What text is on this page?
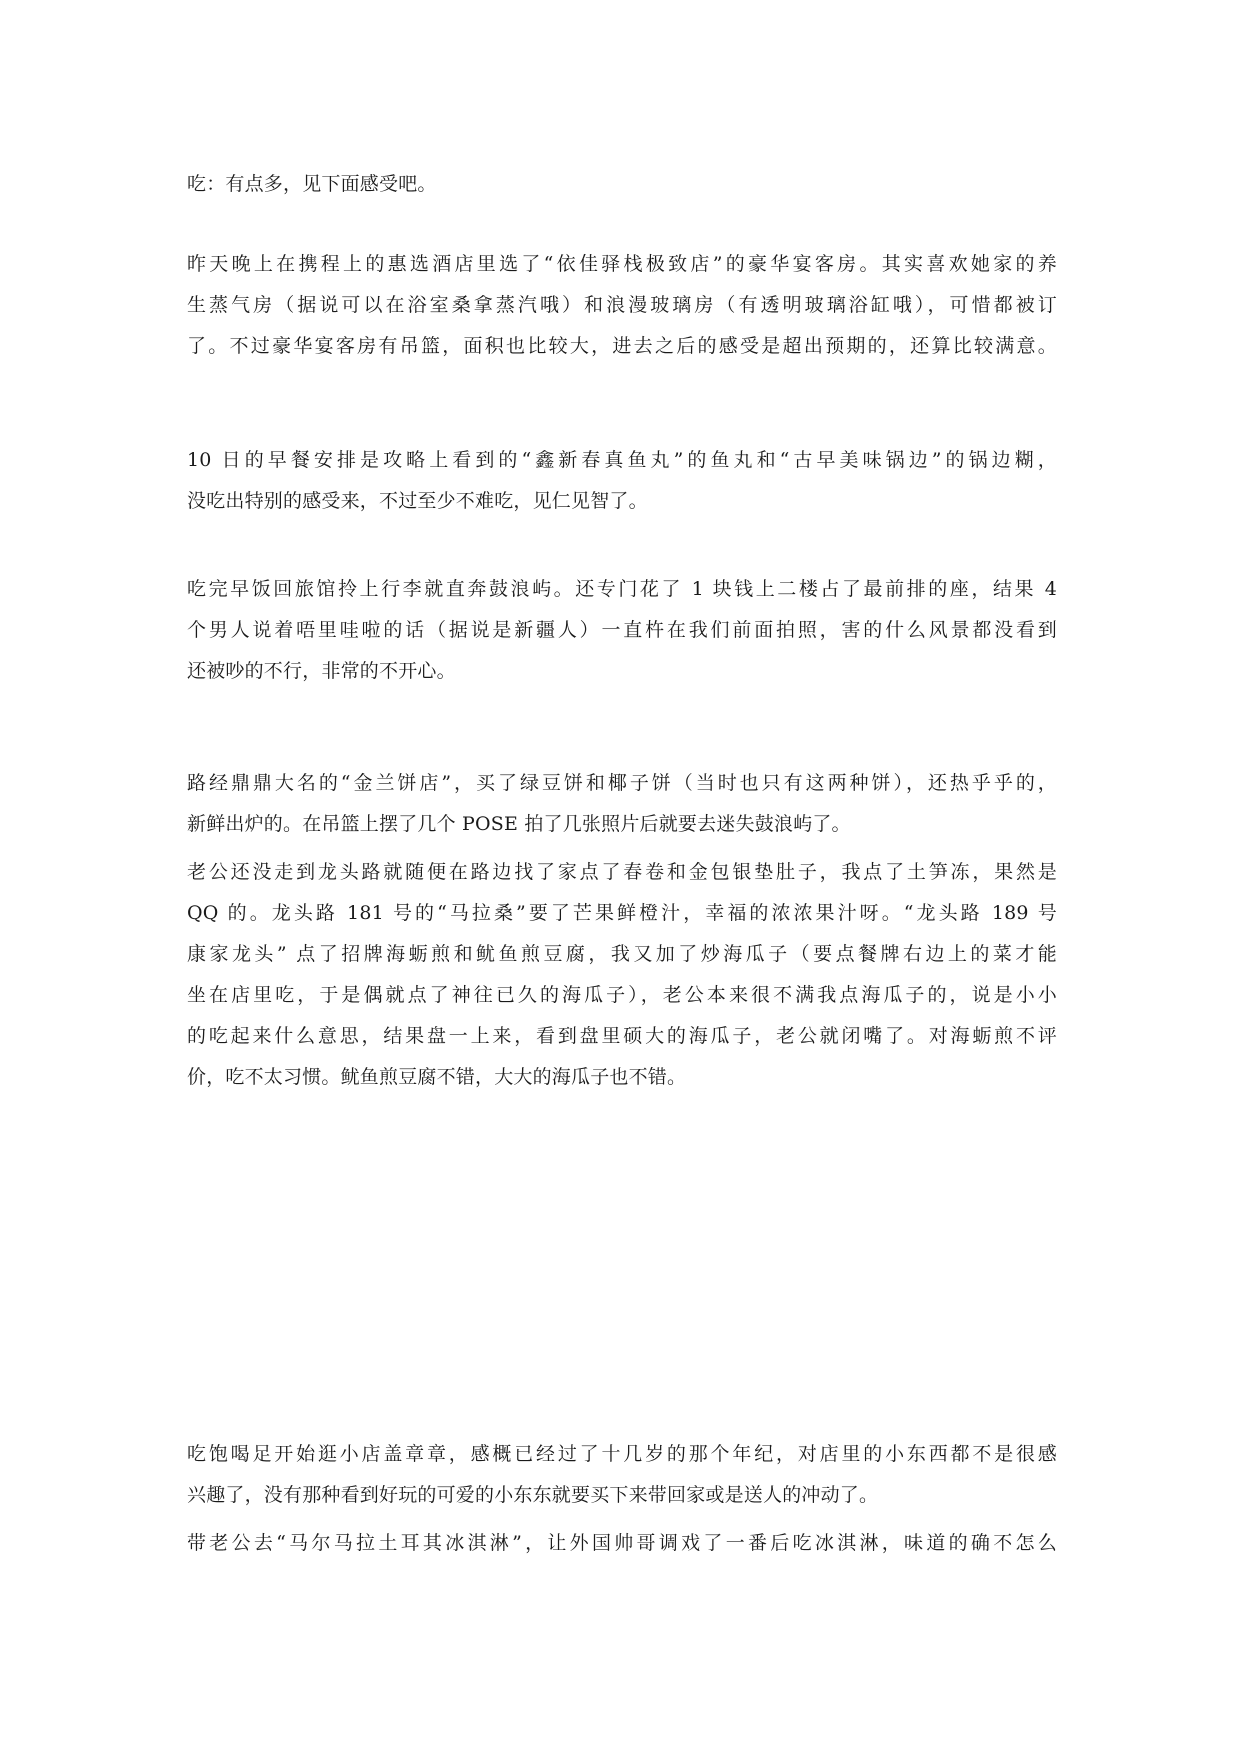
吃：有点多，见下面感受吧。
昨天晚上在携程上的惠选酒店里选了“依佳驿栈极致店”的豪华宴客房。其实喜欢她家的养
生蒸气房（据说可以在浴室桑拿蒸汽哦）和浪漫玻璃房（有透明玻璃浴缸哦），可惜都被订
了。不过豪华宴客房有吊篮，面积也比较大，进去之后的感受是超出预期的，还算比较满意。
10 日的早餐安排是攻略上看到的“鑫新春真鱼丸”的鱼丸和“古早美味锅边”的锅边糊，
没吃出特别的感受来，不过至少不难吃，见仁见智了。
吃完早饭回旅馆拎上行李就直奔鼓浪屿。还专门花了 1 块钱上二楼占了最前排的座，结果 4
个男人说着唔里哇啦的话（据说是新疆人）一直杵在我们前面拍照，害的什么风景都没看到
还被吵的不行，非常的不开心。
路经鼎鼎大名的“金兰饼店”，买了绿豆饼和椰子饼（当时也只有这两种饼），还热乎乎的，
新鲜出炉的。在吊篮上摆了几个 POSE 拍了几张照片后就要去迷失鼓浪屿了。
老公还没走到龙头路就随便在路边找了家点了春卷和金包银垫肚子，我点了土笋冻，果然是
QQ 的。龙头路 181 号的“马拉桑”要了芒果鲜橙汁，幸福的浓浓果汁呀。“龙头路 189 号
康家龙头” 点了招牌海蛎煎和鱿鱼煎豆腐，我又加了炒海瓜子（要点餐牌右边上的菜才能
坐在店里吃，于是偶就点了神往已久的海瓜子），老公本来很不满我点海瓜子的，说是小小
的吃起来什么意思，结果盘一上来，看到盘里硕大的海瓜子，老公就闭嘴了。对海蛎煎不评
价，吃不太习惯。鱿鱼煎豆腐不错，大大的海瓜子也不错。
吃饱喝足开始逛小店盖章章，感概已经过了十几岁的那个年纪，对店里的小东西都不是很感
兴趣了，没有那种看到好玩的可爱的小东东就要买下来带回家或是送人的冲动了。
带老公去“马尔马拉土耳其冰淇淋”，让外国帅哥调戏了一番后吃冰淇淋，味道的确不怎么
